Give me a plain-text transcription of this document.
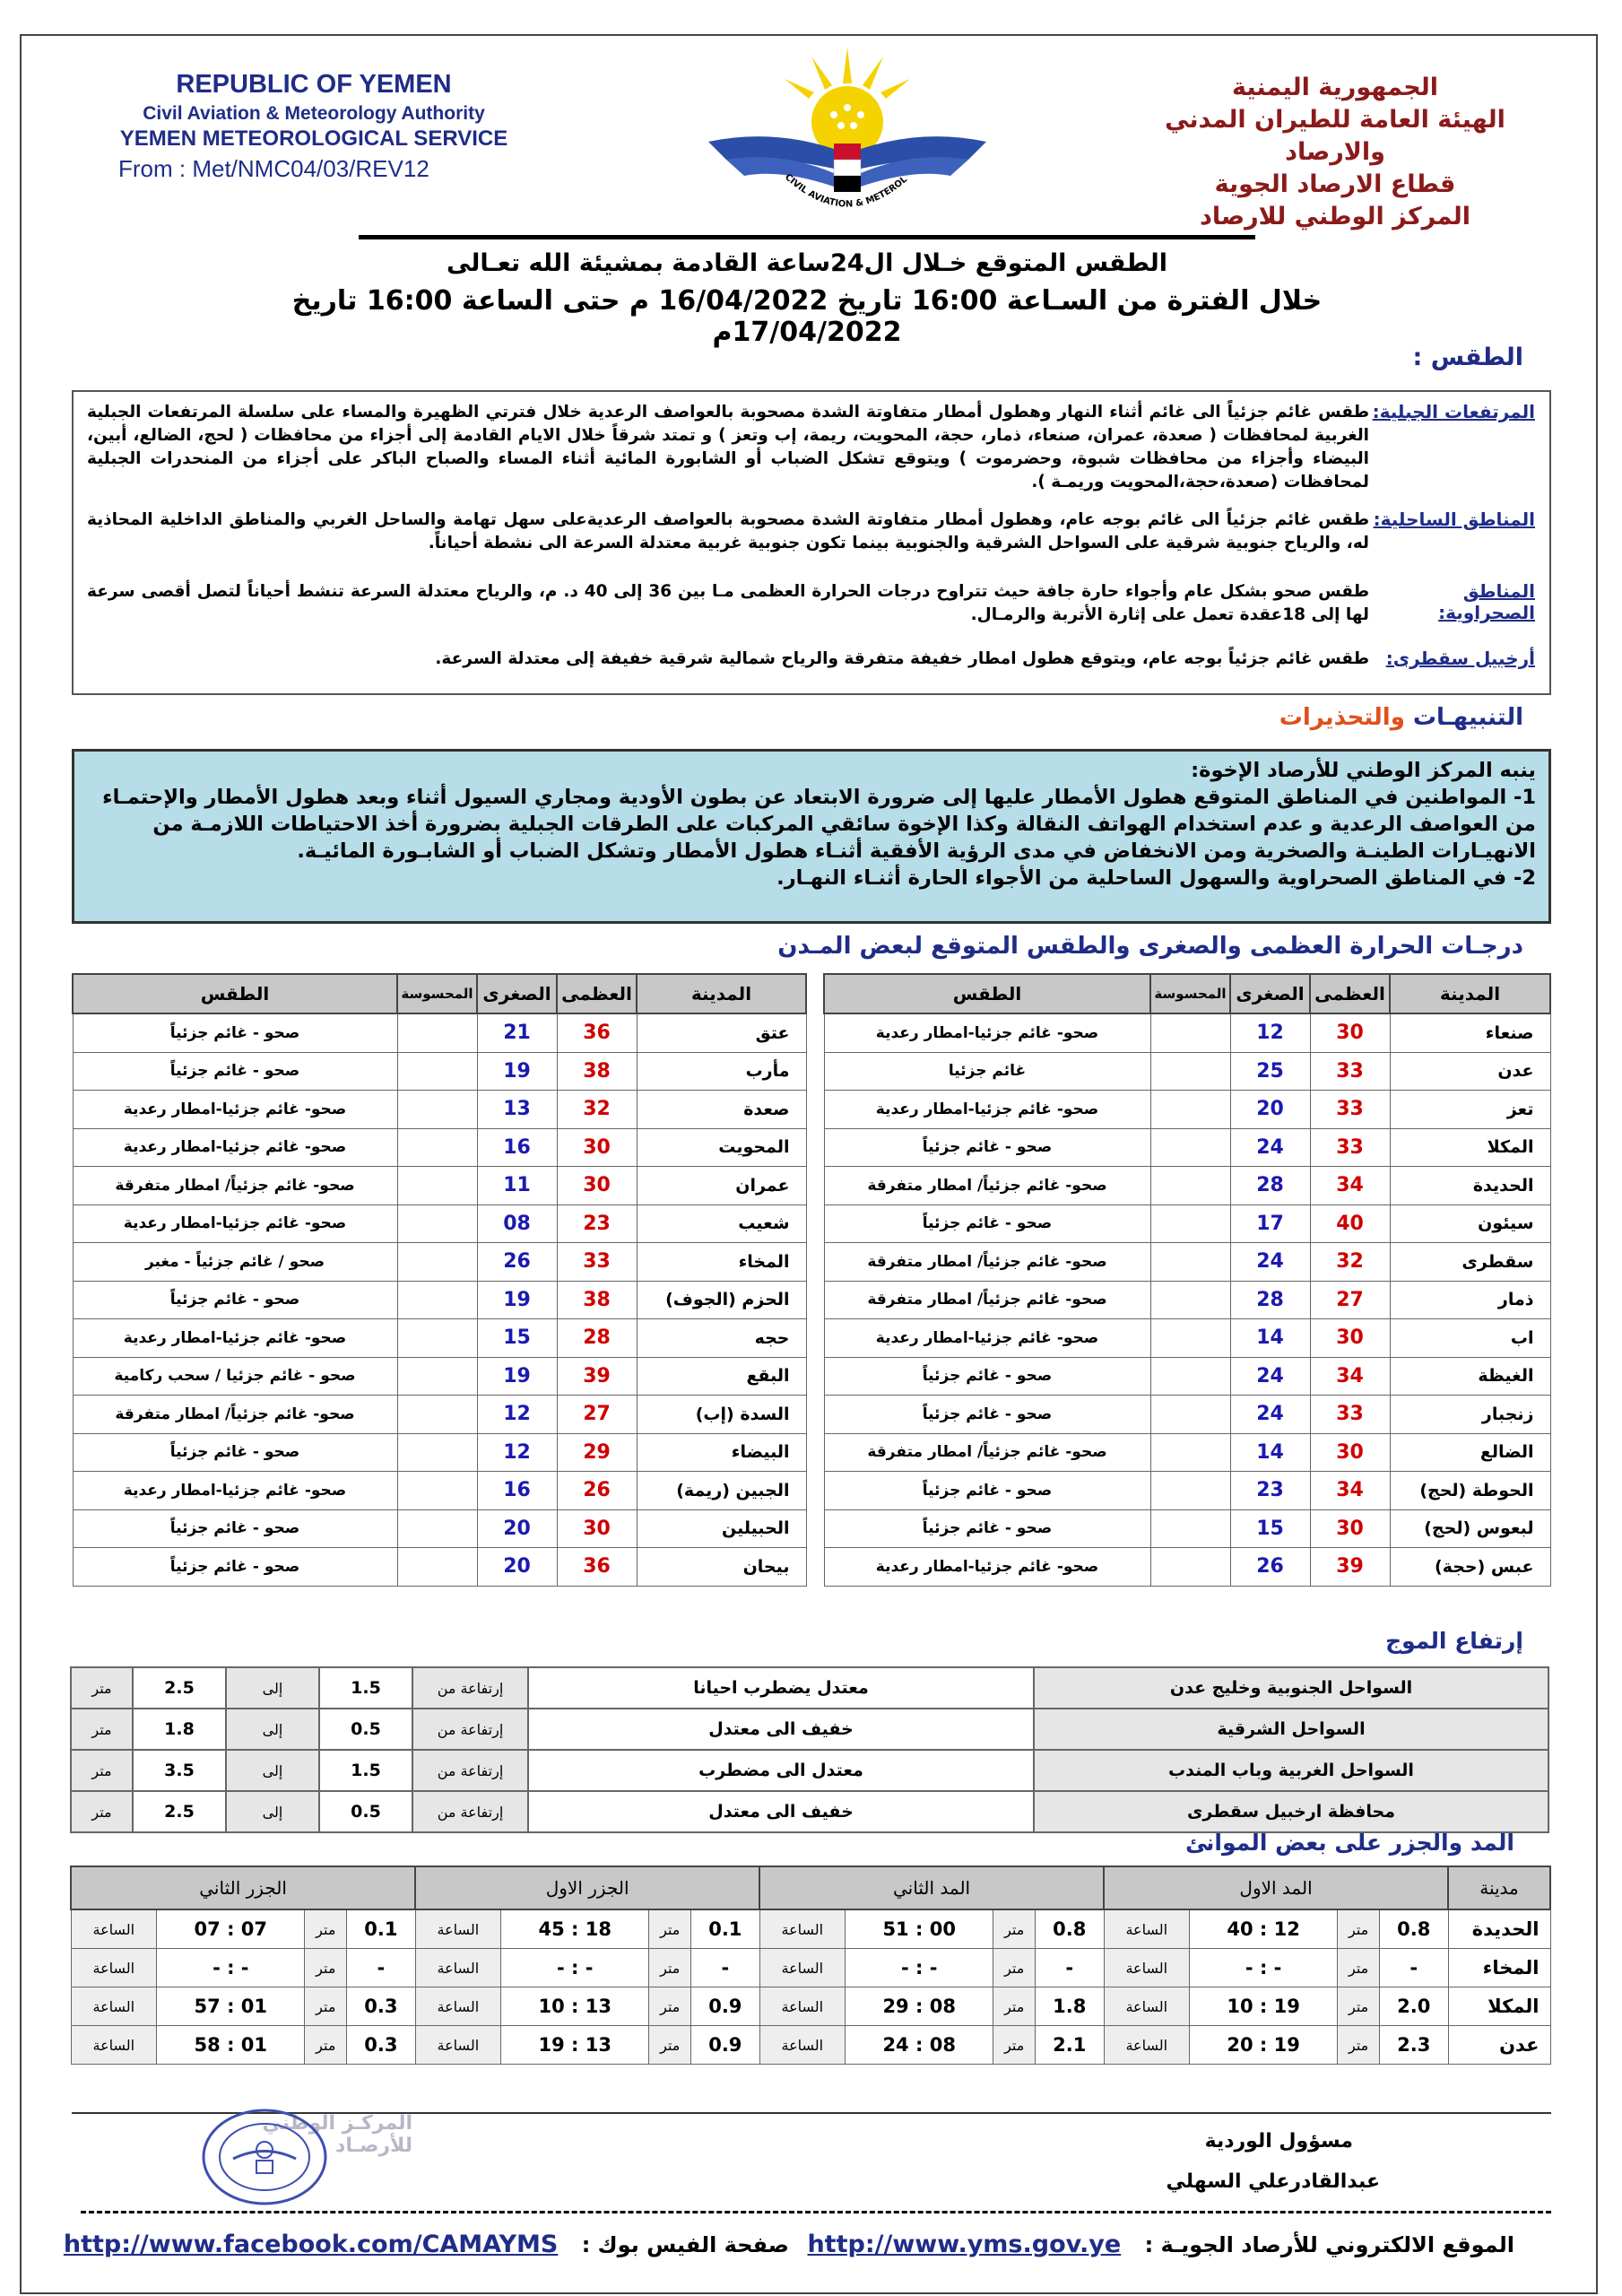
REPUBLIC OF YEMEN
Civil Aviation & Meteorology Authority
YEMEN METEOROLOGICAL SERVICE
From : Met/NMC04/03/REV12	CIVIL AVIATION & METEROL
الجمهورية اليمنية
الهيئة العامة للطيران المدني والارصاد
قطاع الارصاد الجوية
المركز الوطني للارصاد
الطقس المتوقع خـلال ال24ساعة القادمة بمشيئة الله تعـالى
خلال الفترة من السـاعة 16:00 تاريخ 16/04/2022 م حتى الساعة 16:00 تاريخ 17/04/2022م
الطقس :
المرتفعات الجبلية:
طقس غائم جزئياً الى غائم أثناء النهار وهطول أمطار متفاوتة الشدة مصحوبة بالعواصف الرعدية خلال فترتي الظهيرة والمساء على سلسلة المرتفعات الجبلية الغربية لمحافظات ( صعدة، عمران، صنعاء، ذمار، حجة، المحويت، ريمة، إب وتعز ) و تمتد شرقاً خلال الايام القادمة إلى أجزاء من محافظات ( لحج، الضالع، أبين، البيضاء وأجزاء من محافظات شبوة، وحضرموت ) ويتوقع تشكل الضباب أو الشابورة المائية أثناء المساء والصباح الباكر على أجزاء من المنحدرات الجبلية لمحافظات (صعدة،حجة،المحويت وريمـة ).
المناطق الساحلية:
طقس غائم جزئياً الى غائم بوجه عام، وهطول أمطار متفاوتة الشدة مصحوبة بالعواصف الرعديةعلى سهل تهامة والساحل الغربي والمناطق الداخلية المحاذية له، والرياح جنوبية شرقية على السواحل الشرقية والجنوبية بينما تكون جنوبية غربية معتدلة السرعة الى نشطة أحياناً.
المناطق الصحراوية:
طقس صحو بشكل عام وأجواء حارة جافة حيث تتراوح درجات الحرارة العظمى مـا بين 36 إلى 40 د. م، والرياح معتدلة السرعة تنشط أحياناً لتصل أقصى سرعة لها إلى 18عقدة تعمل على إثارة الأتربة والرمـال.
أرخبيل سقطرى:
طقس غائم جزئياً بوجه عام، ويتوقع هطول امطار خفيفة متفرقة والرياح شمالية شرقية خفيفة إلى معتدلة السرعة.
التنبيهـات والتحذيرات
ينبه المركز الوطني للأرصاد الإخوة:
1- المواطنين في المناطق المتوقع هطول الأمطار عليها إلى ضرورة الابتعاد عن بطون الأودية ومجاري السيول أثناء وبعد هطول الأمطار والإحتمـاء من العواصف الرعدية و عدم استخدام الهواتف النقالة وكذا الإخوة سائقي المركبات على الطرقات الجبلية بضرورة أخذ الاحتياطات اللازمـة من الانهيـارات الطينـة والصخرية ومن الانخفاض في مدى الرؤية الأفقية أثنـاء هطول الأمطار وتشكل الضباب أو الشابـورة المائيـة.
2- في المناطق الصحراوية والسهول الساحلية من الأجواء الحارة أثنـاء النهـار.
درجـات الحرارة العظمى والصغرى والطقس المتوقع لبعض المـدن
المدينة	العظمى	الصغرى	المحسوسة	الطقس
صنعاء	30	12		صحو- غائم جزئيا-امطار رعدية
عدن	33	25		غائم جزئيا
تعز	33	20		صحو- غائم جزئيا-امطار رعدية
المكلا	33	24		صحو - غائم جزئياً
الحديدة	34	28		صحو- غائم جزئياً/ امطار متفرقة
سيئون	40	17		صحو - غائم جزئياً
سقطرى	32	24		صحو- غائم جزئياً/ امطار متفرقة
ذمار	27	28		صحو- غائم جزئياً/ امطار متفرقة
اب	30	14		صحو- غائم جزئيا-امطار رعدية
الغيظة	34	24		صحو - غائم جزئياً
زنجبار	33	24		صحو - غائم جزئياً
الضالع	30	14		صحو- غائم جزئياً/ امطار متفرقة
الحوطة (لحج)	34	23		صحو - غائم جزئياً
لبعوس (لحج)	30	15		صحو - غائم جزئياً
عبس (حجة)	39	26		صحو- غائم جزئيا-امطار رعدية
المدينة	العظمى	الصغرى	المحسوسة	الطقس
عتق	36	21		صحو - غائم جزئياً
مأرب	38	19		صحو - غائم جزئياً
صعدة	32	13		صحو- غائم جزئيا-امطار رعدية
المحويت	30	16		صحو- غائم جزئيا-امطار رعدية
عمران	30	11		صحو- غائم جزئياً/ امطار متفرقة
شعيب	23	08		صحو- غائم جزئيا-امطار رعدية
المخاء	33	26		صحو / غائم جزئياً - مغبر
الحزم (الجوف)	38	19		صحو - غائم جزئياً
حجه	28	15		صحو- غائم جزئيا-امطار رعدية
البقع	39	19		صحو - غائم جزئيا / سحب ركامية
السدة (إب)	27	12		صحو- غائم جزئياً/ امطار متفرقة
البيضاء	29	12		صحو - غائم جزئياً
الجبين (ريمة)	26	16		صحو- غائم جزئيا-امطار رعدية
الحبيلين	30	20		صحو - غائم جزئياً
بيحان	36	20		صحو - غائم جزئياً
إرتفاع الموج
السواحل الجنوبية وخليج عدن	معتدل يضطرب احيانا	إرتفاعة من	1.5	إلى	2.5	متر
السواحل الشرقية	خفيف الى معتدل	إرتفاعة من	0.5	إلى	1.8	متر
السواحل الغربية وباب المندب	معتدل الى مضطرب	إرتفاعة من	1.5	إلى	3.5	متر
محافظة ارخبيل سقطرى	خفيف الى معتدل	إرتفاعة من	0.5	إلى	2.5	متر
المد والجزر على بعض الموانئ
مدينة	المد الاول				المد الثاني				الجزر الاول				الجزر الثاني			
الحديدة	0.8	متر	12 : 40	الساعة	0.8	متر	00 : 51	الساعة	0.1	متر	18 : 45	الساعة	0.1	متر	07 : 07	الساعة
المخاء	-	متر	- : -	الساعة	-	متر	- : -	الساعة	-	متر	- : -	الساعة	-	متر	- : -	الساعة
المكلا	2.0	متر	19 : 10	الساعة	1.8	متر	08 : 29	الساعة	0.9	متر	13 : 10	الساعة	0.3	متر	01 : 57	الساعة
عدن	2.3	متر	19 : 20	الساعة	2.1	متر	08 : 24	الساعة	0.9	متر	13 : 19	الساعة	0.3	متر	01 : 58	الساعة
المركـز الوطني للأرصـاد	مسؤول الوردية
عبدالقادرعلي السهلي
الموقع الالكتروني للأرصاد الجويـة : http://www.yms.gov.ye
صفحة الفيس بوك : http://www.facebook.com/CAMAYMS
